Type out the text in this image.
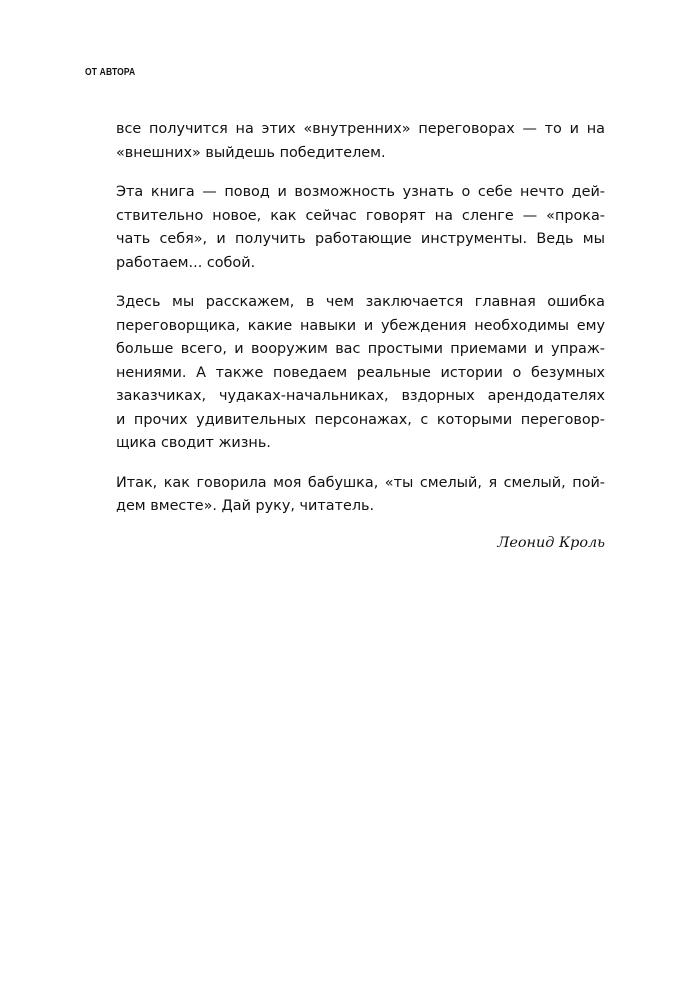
ОТ АВТОРА

все получится на этих «внутренних» переговорах — то и на
«внешних» выйдешь победителем.

Эта книга — повод и возможность узнать о себе нечто дей-
ствительно новое, как сейчас говорят на сленге — «прока-
чать себя», и получить работающие инструменты. Ведь мы
работаем... собой.

Здесь мы расскажем, в чем заключается главная ошибка
переговорщика, какие навыки и убеждения необходимы ему
больше всего, и вооружим вас простыми приемами и упраж-
нениями. А также поведаем реальные истории о безумных
заказчиках, чудаках-начальниках, вздорных арендодателях
и прочих удивительных персонажах, с которыми переговор-
щика сводит жизнь.

Итак, как говорила моя бабушка, «ты смелый, я смелый, пой-
дем вместе». Дай руку, читатель.

Леонид Кроль
